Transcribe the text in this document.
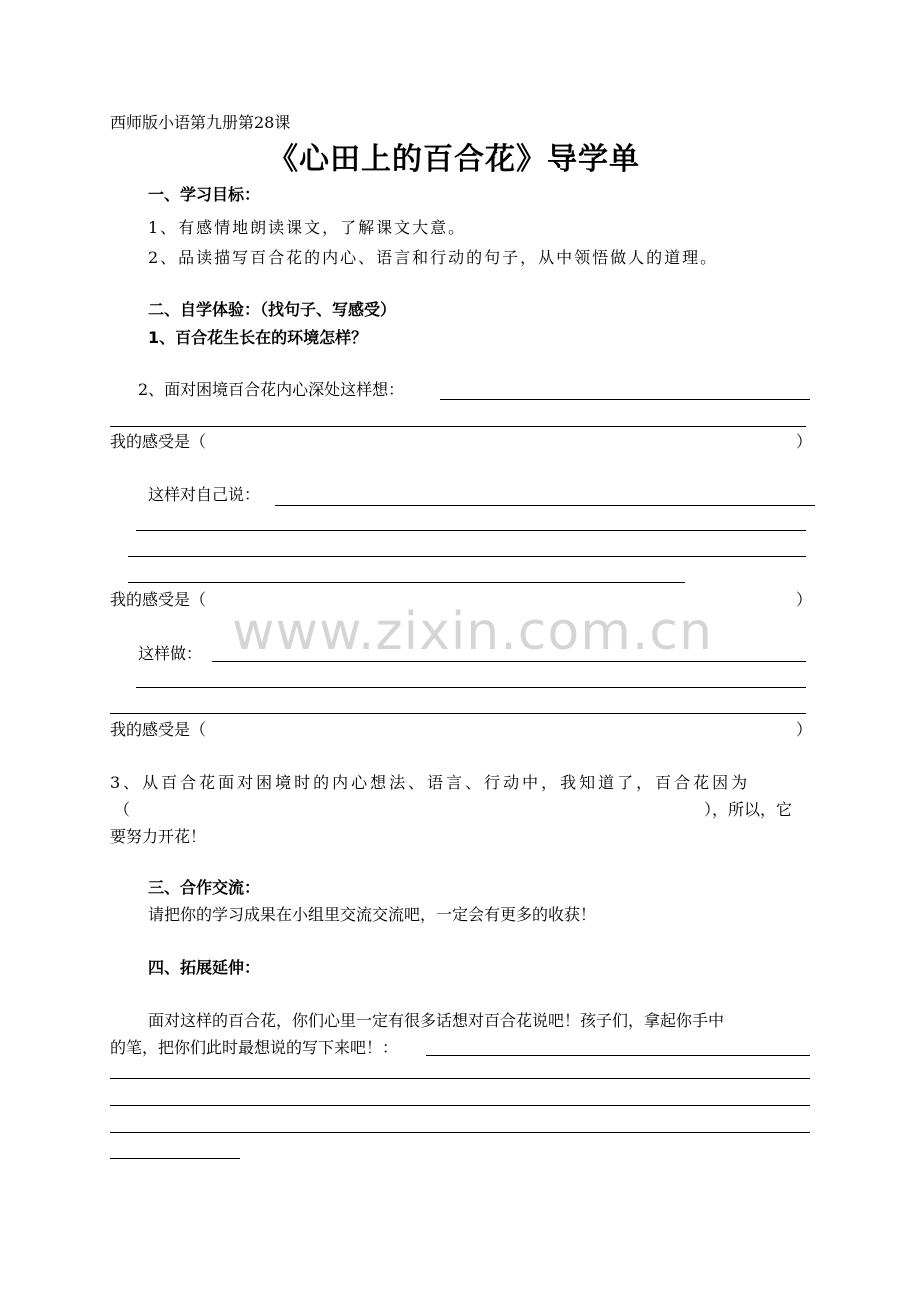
西师版小语第九册第28课
《心田上的百合花》导学单
一、学习目标：
1、有感情地朗读课文，了解课文大意。
2、品读描写百合花的内心、语言和行动的句子，从中领悟做人的道理。
二、自学体验：（找句子、写感受）
1、百合花生长在的环境怎样？
2、面对困境百合花内心深处这样想：
我的感受是（	）
这样对自己说：
我的感受是（	）
这样做：
我的感受是（	）
3、从百合花面对困境时的内心想法、语言、行动中，我知道了，百合花因为
（	），所以，它
要努力开花！
三、合作交流：
请把你的学习成果在小组里交流交流吧，一定会有更多的收获！
四、拓展延伸：
面对这样的百合花，你们心里一定有很多话想对百合花说吧！孩子们，拿起你手中
的笔，把你们此时最想说的写下来吧！：
www.zixin.com.cn
